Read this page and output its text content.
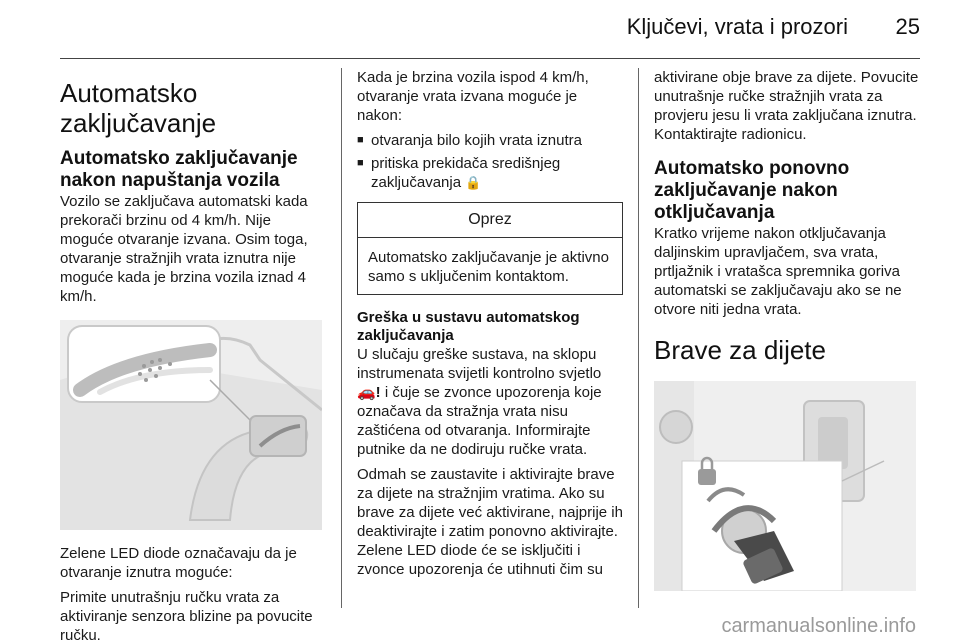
Ključevi, vrata i prozori 25
Automatsko zaključavanje
Automatsko zaključavanje nakon napuštanja vozila

Vozilo se zaključava automatski kada prekorači brzinu od 4 km/h. Nije moguće otvaranje izvana. Osim toga, otvaranje stražnjih vrata iznutra nije moguće kada je brzina vozila iznad 4 km/h.

Zelene LED diode označavaju da je otvaranje iznutra moguće:

Primite unutrašnju ručku vrata za aktiviranje senzora blizine pa povucite ručku.

Kada je brzina vozila ispod 4 km/h, otvaranje vrata izvana moguće je nakon:

■ otvaranja bilo kojih vrata iznutra
■ pritiska prekidača središnjeg zaključavanja 🔒
Oprez
Automatsko zaključavanje je aktivno samo s uključenim kontaktom.
Greška u sustavu automatskog zaključavanja

U slučaju greške sustava, na sklopu instrumenata svijetli kontrolno svjetlo 🚗! i čuje se zvonce upozorenja koje označava da stražnja vrata nisu zaštićena od otvaranja. Informirajte putnike da ne dodiruju ručke vrata.

Odmah se zaustavite i aktivirajte brave za dijete na stražnjim vratima. Ako su brave za dijete već aktivirane, najprije ih deaktivirajte i zatim ponovno aktivirajte. Zelene LED diode će se isključiti i zvonce upozorenja će utihnuti čim su

aktivirane obje brave za dijete. Povucite unutrašnje ručke stražnjih vrata za provjeru jesu li vrata zaključana iznutra. Kontaktirajte radionicu.

Automatsko ponovno zaključavanje nakon otključavanja

Kratko vrijeme nakon otključavanja daljinskim upravljačem, sva vrata, prtljažnik i vratašca spremnika goriva automatski se zaključavaju ako se ne otvore niti jedna vrata.

Brave za dijete
carmanualsonline.info
